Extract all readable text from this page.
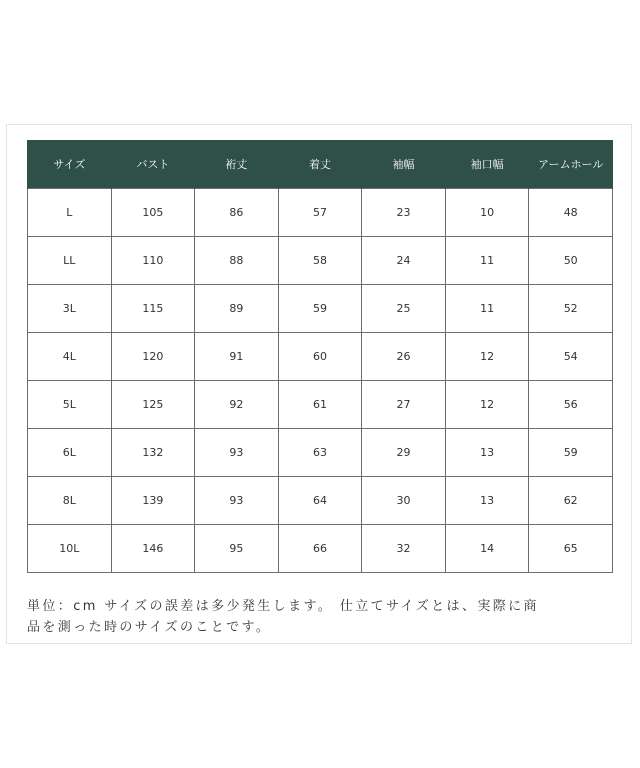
サイズ	バスト	裄丈	着丈	袖幅	袖口幅	アームホール
L	105	86	57	23	10	48
LL	110	88	58	24	11	50
3L	115	89	59	25	11	52
4L	120	91	60	26	12	54
5L	125	92	61	27	12	56
6L	132	93	63	29	13	59
8L	139	93	64	30	13	62
10L	146	95	66	32	14	65
単位：cm サイズの誤差は多少発生します。 仕立てサイズとは、実際に商
品を測った時のサイズのことです。
